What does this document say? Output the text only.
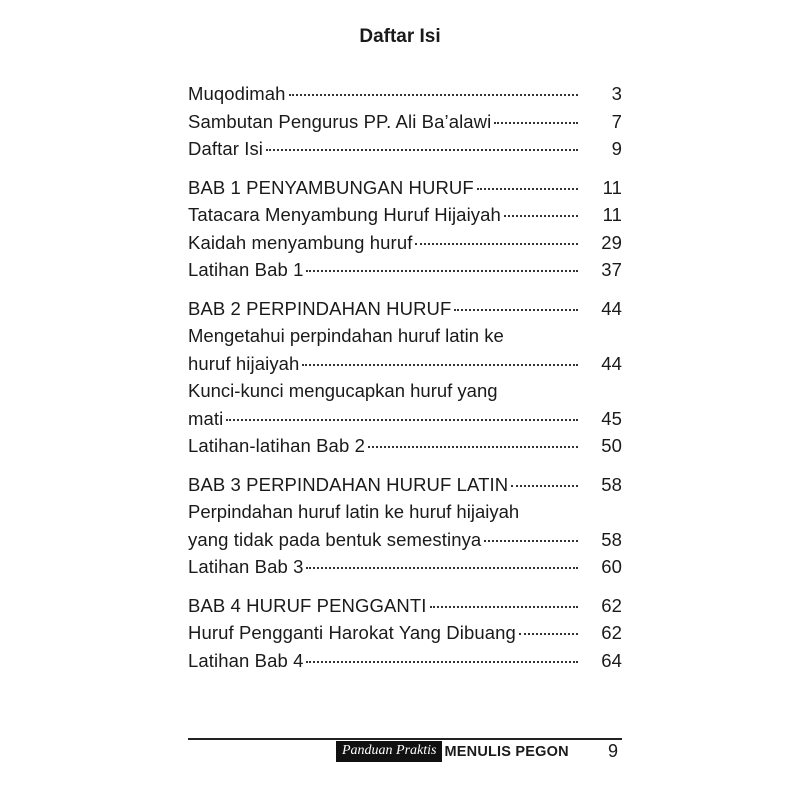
Daftar Isi
Muqodimah	3
Sambutan Pengurus PP. Ali Ba’alawi	7
Daftar Isi	9
BAB 1 PENYAMBUNGAN HURUF	11
Tatacara Menyambung Huruf Hijaiyah	11
Kaidah menyambung huruf	29
Latihan Bab 1	37
BAB 2 PERPINDAHAN HURUF	44
Mengetahui perpindahan huruf latin ke
huruf hijaiyah	44
Kunci-kunci mengucapkan huruf yang
mati	45
Latihan-latihan Bab 2	50
BAB 3 PERPINDAHAN HURUF LATIN	58
Perpindahan huruf latin ke huruf hijaiyah
yang tidak pada bentuk semestinya	58
Latihan Bab 3	60
BAB 4 HURUF PENGGANTI	62
Huruf Pengganti Harokat Yang Dibuang	62
Latihan Bab 4	64
Panduan Praktis MENULIS PEGON 9
